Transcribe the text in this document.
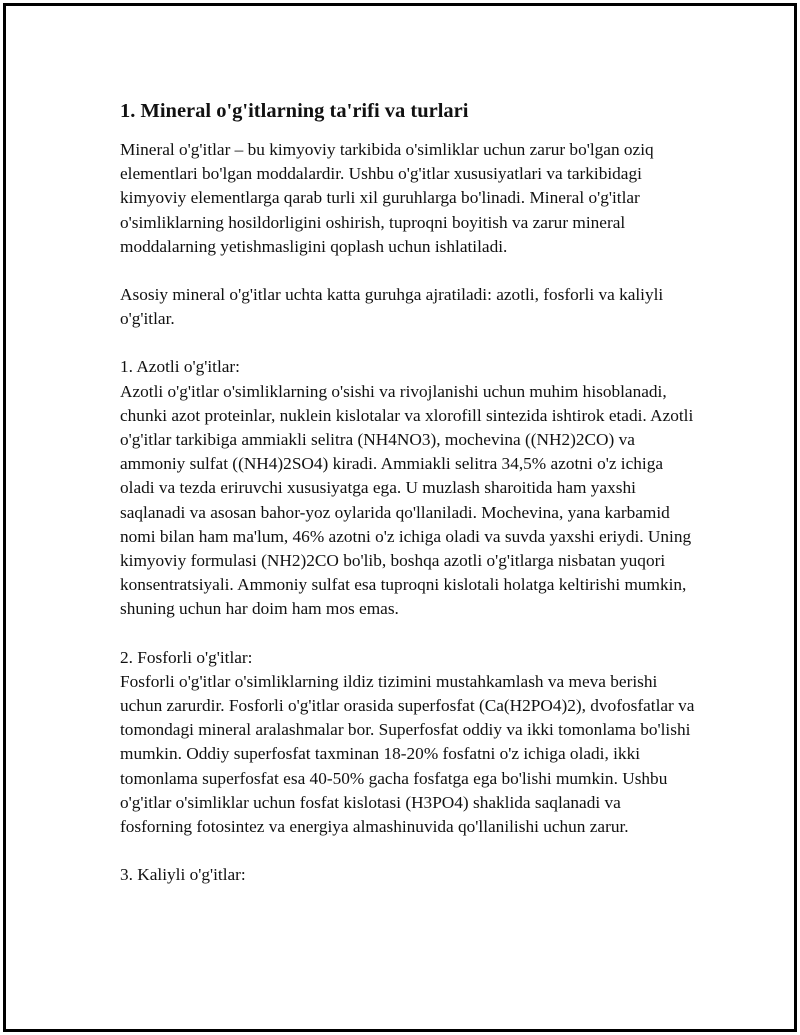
1. Mineral o'g'itlarning ta'rifi va turlari

Mineral o'g'itlar – bu kimyoviy tarkibida o'simliklar uchun zarur bo'lgan oziq elementlari bo'lgan moddalardir. Ushbu o'g'itlar xususiyatlari va tarkibidagi kimyoviy elementlarga qarab turli xil guruhlarga bo'linadi. Mineral o'g'itlar o'simliklarning hosildorligini oshirish, tuproqni boyitish va zarur mineral moddalarning yetishmasligini qoplash uchun ishlatiladi.

Asosiy mineral o'g'itlar uchta katta guruhga ajratiladi: azotli, fosforli va kaliyli o'g'itlar.

1. Azotli o'g'itlar:
Azotli o'g'itlar o'simliklarning o'sishi va rivojlanishi uchun muhim hisoblanadi, chunki azot proteinlar, nuklein kislotalar va xlorofill sintezida ishtirok etadi. Azotli o'g'itlar tarkibiga ammiakli selitra (NH4NO3), mochevina ((NH2)2CO) va ammoniy sulfat ((NH4)2SO4) kiradi. Ammiakli selitra 34,5% azotni o'z ichiga oladi va tezda eriruvchi xususiyatga ega. U muzlash sharoitida ham yaxshi saqlanadi va asosan bahor-yoz oylarida qo'llaniladi. Mochevina, yana karbamid nomi bilan ham ma'lum, 46% azotni o'z ichiga oladi va suvda yaxshi eriydi. Uning kimyoviy formulasi (NH2)2CO bo'lib, boshqa azotli o'g'itlarga nisbatan yuqori konsentratsiyali. Ammoniy sulfat esa tuproqni kislotali holatga keltirishi mumkin, shuning uchun har doim ham mos emas.

2. Fosforli o'g'itlar:
Fosforli o'g'itlar o'simliklarning ildiz tizimini mustahkamlash va meva berishi uchun zarurdir. Fosforli o'g'itlar orasida superfosfat (Ca(H2PO4)2), dvofosfatlar va tomondagi mineral aralashmalar bor. Superfosfat oddiy va ikki tomonlama bo'lishi mumkin. Oddiy superfosfat taxminan 18-20% fosfatni o'z ichiga oladi, ikki tomonlama superfosfat esa 40-50% gacha fosfatga ega bo'lishi mumkin. Ushbu o'g'itlar o'simliklar uchun fosfat kislotasi (H3PO4) shaklida saqlanadi va fosforning fotosintez va energiya almashinuvida qo'llanilishi uchun zarur.

3. Kaliyli o'g'itlar:
